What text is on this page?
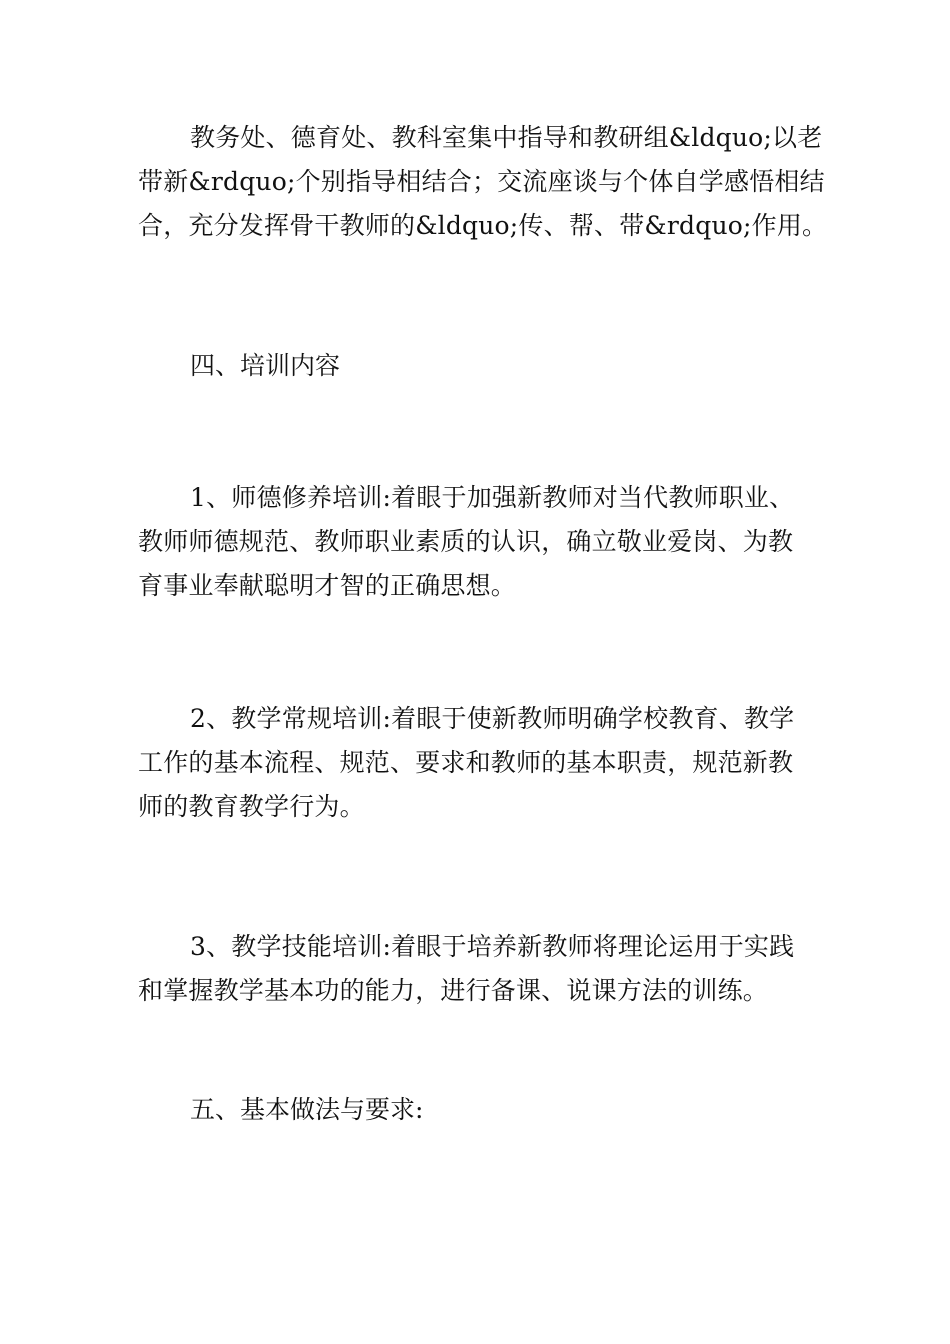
教务处、德育处、教科室集中指导和教研组&ldquo;以老
带新&rdquo;个别指导相结合；交流座谈与个体自学感悟相结
合，充分发挥骨干教师的&ldquo;传、帮、带&rdquo;作用。

四、培训内容

1、师德修养培训:着眼于加强新教师对当代教师职业、
教师师德规范、教师职业素质的认识，确立敬业爱岗、为教
育事业奉献聪明才智的正确思想。

2、教学常规培训:着眼于使新教师明确学校教育、教学
工作的基本流程、规范、要求和教师的基本职责，规范新教
师的教育教学行为。

3、教学技能培训:着眼于培养新教师将理论运用于实践
和掌握教学基本功的能力，进行备课、说课方法的训练。

五、基本做法与要求:
